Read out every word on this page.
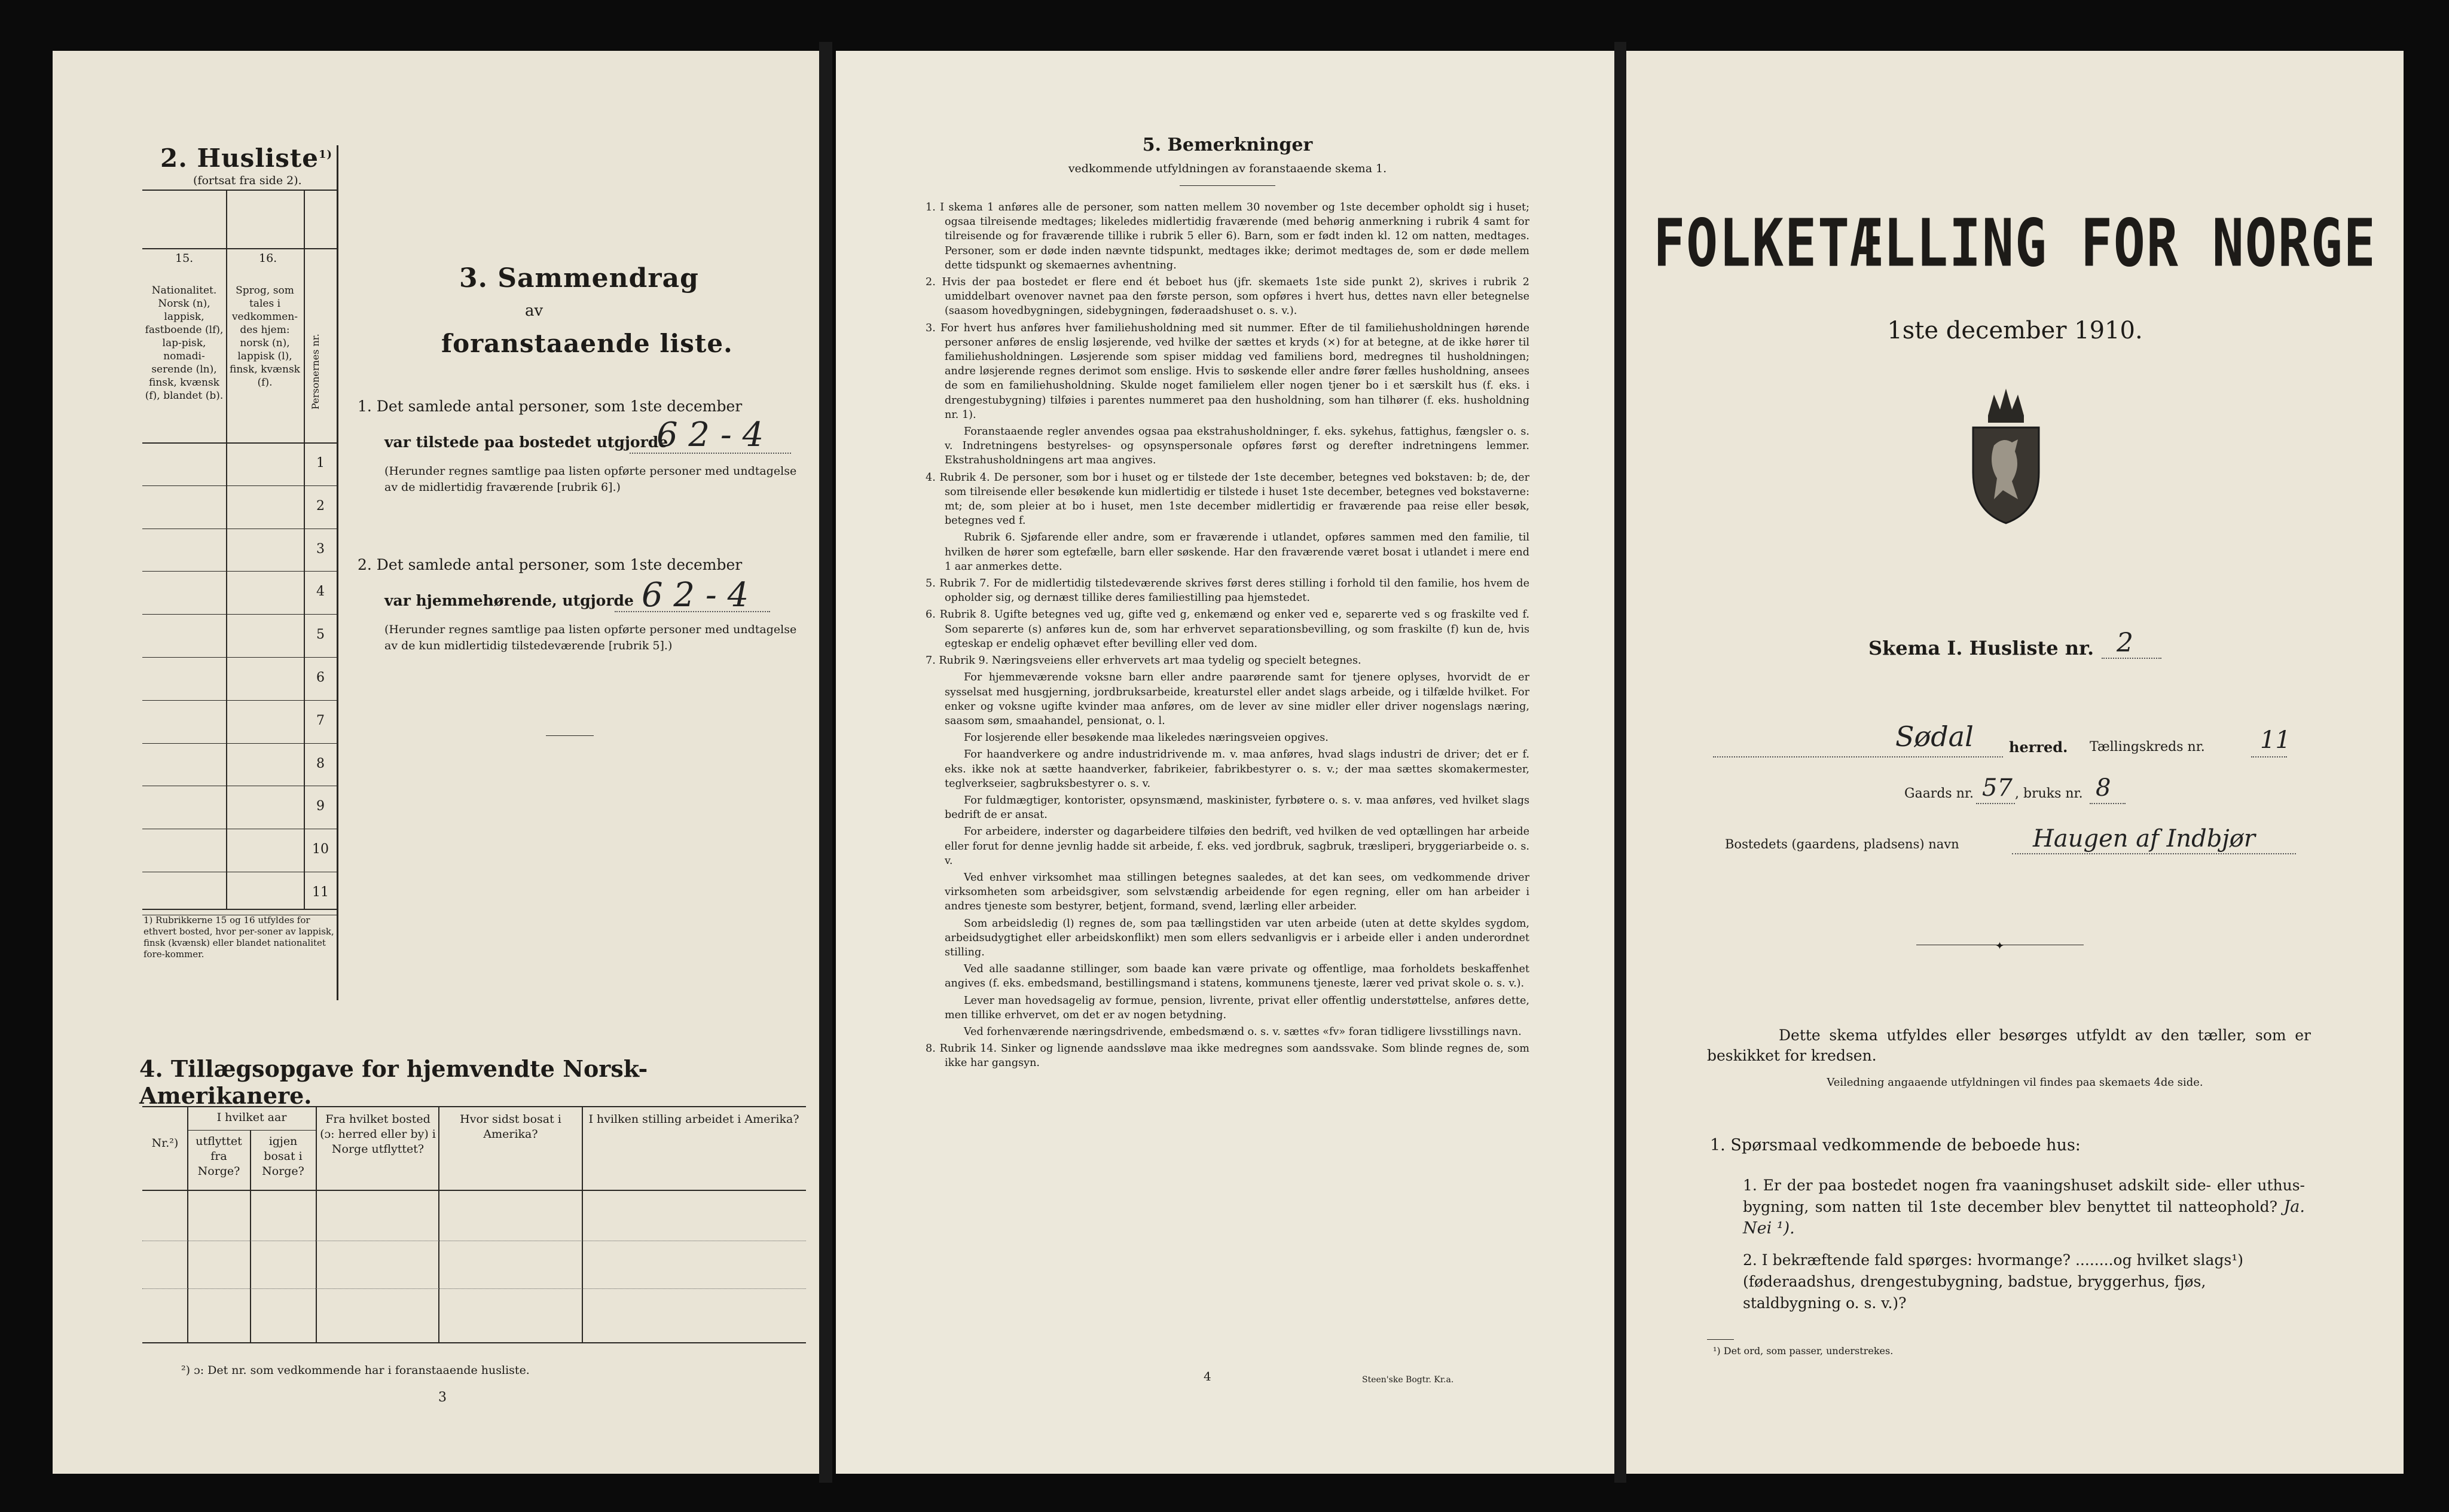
2. Husliste$^{1)}$
(fortsat fra side 2).
15.	16.
Nationalitet. Norsk (n), lappisk, fastboende (lf), lap-pisk, nomadi-serende (ln), finsk, kvænsk (f), blandet (b).
Sprog, som tales i vedkommen-des hjem: norsk (n), lappisk (l), finsk, kvænsk (f).	Personernes nr.
1
2
3
4
5
6
7
8
9
10
11
1) Rubrikkerne 15 og 16 utfyldes for ethvert bosted, hvor per-soner av lappisk, finsk (kvænsk) eller blandet nationalitet fore-kommer.
3. Sammendrag
av
foranstaaende liste.
1. Det samlede antal personer, som 1ste december
var tilstede paa bostedet utgjorde
6 2 - 4
(Herunder regnes samtlige paa listen opførte personer med undtagelse av de midlertidig fraværende [rubrik 6].)
2. Det samlede antal personer, som 1ste december
var hjemmehørende, utgjorde 6 2 - 4
(Herunder regnes samtlige paa listen opførte personer med undtagelse av de kun midlertidig tilstedeværende [rubrik 5].)
4. Tillægsopgave for hjemvendte Norsk-Amerikanere.
Nr.²)
I hvilket aar
utflyttet fra Norge?
igjen bosat i Norge?
Fra hvilket bosted (ɔ: herred eller by) i Norge utflyttet?
Hvor sidst bosat i Amerika?
I hvilken stilling arbeidet i Amerika?
²) ɔ: Det nr. som vedkommende har i foranstaaende husliste.
3
5. Bemerkninger
vedkommende utfyldningen av foranstaaende skema 1.
1. I skema 1 anføres alle de personer, som natten mellem 30 november og 1ste december opholdt sig i huset; ogsaa tilreisende medtages; likeledes midlertidig fraværende (med behørig anmerkning i rubrik 4 samt for tilreisende og for fraværende tillike i rubrik 5 eller 6). Barn, som er født inden kl. 12 om natten, medtages. Personer, som er døde inden nævnte tidspunkt, medtages ikke; derimot medtages de, som er døde mellem dette tidspunkt og skemaernes avhentning.
2. Hvis der paa bostedet er flere end ét beboet hus (jfr. skemaets 1ste side punkt 2), skrives i rubrik 2 umiddelbart ovenover navnet paa den første person, som opføres i hvert hus, dettes navn eller betegnelse (saasom hovedbygningen, sidebygningen, føderaadshuset o. s. v.).
3. For hvert hus anføres hver familiehusholdning med sit nummer. Efter de til familiehusholdningen hørende personer anføres de enslig løsjerende, ved hvilke der sættes et kryds (×) for at betegne, at de ikke hører til familiehusholdningen. Løsjerende som spiser middag ved familiens bord, medregnes til husholdningen; andre løsjerende regnes derimot som enslige. Hvis to søskende eller andre fører fælles husholdning, ansees de som en familiehusholdning. Skulde noget familielem eller nogen tjener bo i et særskilt hus (f. eks. i drengestubygning) tilføies i parentes nummeret paa den husholdning, som han tilhører (f. eks. husholdning nr. 1).
Foranstaaende regler anvendes ogsaa paa ekstrahusholdninger, f. eks. sykehus, fattighus, fængsler o. s. v. Indretningens bestyrelses- og opsynspersonale opføres først og derefter indretningens lemmer. Ekstrahusholdningens art maa angives.
4. Rubrik 4. De personer, som bor i huset og er tilstede der 1ste december, betegnes ved bokstaven: b; de, der som tilreisende eller besøkende kun midlertidig er tilstede i huset 1ste december, betegnes ved bokstaverne: mt; de, som pleier at bo i huset, men 1ste december midlertidig er fraværende paa reise eller besøk, betegnes ved f.
Rubrik 6. Sjøfarende eller andre, som er fraværende i utlandet, opføres sammen med den familie, til hvilken de hører som egtefælle, barn eller søskende. Har den fraværende været bosat i utlandet i mere end 1 aar anmerkes dette.
5. Rubrik 7. For de midlertidig tilstedeværende skrives først deres stilling i forhold til den familie, hos hvem de opholder sig, og dernæst tillike deres familiestilling paa hjemstedet.
6. Rubrik 8. Ugifte betegnes ved ug, gifte ved g, enkemænd og enker ved e, separerte ved s og fraskilte ved f. Som separerte (s) anføres kun de, som har erhvervet separationsbevilling, og som fraskilte (f) kun de, hvis egteskap er endelig ophævet efter bevilling eller ved dom.
7. Rubrik 9. Næringsveiens eller erhvervets art maa tydelig og specielt betegnes.
For hjemmeværende voksne barn eller andre paarørende samt for tjenere oplyses, hvorvidt de er sysselsat med husgjerning, jordbruksarbeide, kreaturstel eller andet slags arbeide, og i tilfælde hvilket. For enker og voksne ugifte kvinder maa anføres, om de lever av sine midler eller driver nogenslags næring, saasom søm, smaahandel, pensionat, o. l.
For losjerende eller besøkende maa likeledes næringsveien opgives.
For haandverkere og andre industridrivende m. v. maa anføres, hvad slags industri de driver; det er f. eks. ikke nok at sætte haandverker, fabrikeier, fabrikbestyrer o. s. v.; der maa sættes skomakermester, teglverkseier, sagbruksbestyrer o. s. v.
For fuldmægtiger, kontorister, opsynsmænd, maskinister, fyrbøtere o. s. v. maa anføres, ved hvilket slags bedrift de er ansat.
For arbeidere, inderster og dagarbeidere tilføies den bedrift, ved hvilken de ved optællingen har arbeide eller forut for denne jevnlig hadde sit arbeide, f. eks. ved jordbruk, sagbruk, træsliperi, bryggeriarbeide o. s. v.
Ved enhver virksomhet maa stillingen betegnes saaledes, at det kan sees, om vedkommende driver virksomheten som arbeidsgiver, som selvstændig arbeidende for egen regning, eller om han arbeider i andres tjeneste som bestyrer, betjent, formand, svend, lærling eller arbeider.
Som arbeidsledig (l) regnes de, som paa tællingstiden var uten arbeide (uten at dette skyldes sygdom, arbeidsudygtighet eller arbeidskonflikt) men som ellers sedvanligvis er i arbeide eller i anden underordnet stilling.
Ved alle saadanne stillinger, som baade kan være private og offentlige, maa forholdets beskaffenhet angives (f. eks. embedsmand, bestillingsmand i statens, kommunens tjeneste, lærer ved privat skole o. s. v.).
Lever man hovedsagelig av formue, pension, livrente, privat eller offentlig understøttelse, anføres dette, men tillike erhvervet, om det er av nogen betydning.
Ved forhenværende næringsdrivende, embedsmænd o. s. v. sættes «fv» foran tidligere livsstillings navn.
8. Rubrik 14. Sinker og lignende aandssløve maa ikke medregnes som aandssvake. Som blinde regnes de, som ikke har gangsyn.
4	Steen'ske Bogtr. Kr.a.
FOLKETÆLLING FOR NORGE
1ste december 1910.
Skema I. Husliste nr. 2
Sødal herred. Tællingskreds nr. 11
Gaards nr. 57 , bruks nr. 8
Bostedets (gaardens, pladsens) navn	Haugen af Indbjør
✦
Dette skema utfyldes eller besørges utfyldt av den tæller, som er beskikket for kredsen.
Veiledning angaaende utfyldningen vil findes paa skemaets 4de side.
1. Spørsmaal vedkommende de beboede hus:
1. Er der paa bostedet nogen fra vaaningshuset adskilt side- eller uthus-bygning, som natten til 1ste december blev benyttet til natteophold? Ja. Nei ¹).
2. I bekræftende fald spørges: hvormange? ........og hvilket slags¹) (føderaadshus, drengestubygning, badstue, bryggerhus, fjøs, staldbygning o. s. v.)?
¹) Det ord, som passer, understrekes.
